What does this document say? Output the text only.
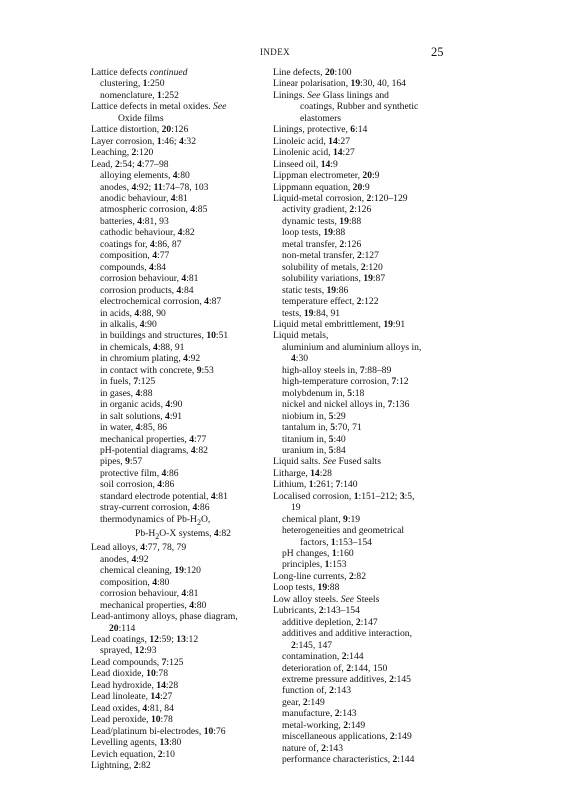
INDEX	25
Lattice defects continued
clustering, 1:250
nomenclature, 1:252
Lattice defects in metal oxides. See
Oxide films
Lattice distortion, 20:126
Layer corrosion, 1:46; 4:32
Leaching, 2:120
Lead, 2:54; 4:77–98
alloying elements, 4:80
anodes, 4:92; 11:74–78, 103
anodic behaviour, 4:81
atmospheric corrosion, 4:85
batteries, 4:81, 93
cathodic behaviour, 4:82
coatings for, 4:86, 87
composition, 4:77
compounds, 4:84
corrosion behaviour, 4:81
corrosion products, 4:84
electrochemical corrosion, 4:87
in acids, 4:88, 90
in alkalis, 4:90
in buildings and structures, 10:51
in chemicals, 4:88, 91
in chromium plating, 4:92
in contact with concrete, 9:53
in fuels, 7:125
in gases, 4:88
in organic acids, 4:90
in salt solutions, 4:91
in water, 4:85, 86
mechanical properties, 4:77
pH-potential diagrams, 4:82
pipes, 9:57
protective film, 4:86
soil corrosion, 4:86
standard electrode potential, 4:81
stray-current corrosion, 4:86
thermodynamics of $Pb-H_2O$,
$Pb-H_2O-X$ systems, 4:82
Lead alloys, 4:77, 78, 79
anodes, 4:92
chemical cleaning, 19:120
composition, 4:80
corrosion behaviour, 4:81
mechanical properties, 4:80
Lead-antimony alloys, phase diagram,
20:114
Lead coatings, 12:59; 13:12
sprayed, 12:93
Lead compounds, 7:125
Lead dioxide, 10:78
Lead hydroxide, 14:28
Lead linoleate, 14:27
Lead oxides, 4:81, 84
Lead peroxide, 10:78
Lead/platinum bi-electrodes, 10:76
Levelling agents, 13:80
Levich equation, 2:10
Lightning, 2:82
Line defects, 20:100
Linear polarisation, 19:30, 40, 164
Linings. See Glass linings and
coatings, Rubber and synthetic
elastomers
Linings, protective, 6:14
Linoleic acid, 14:27
Linolenic acid, 14:27
Linseed oil, 14:9
Lippman electrometer, 20:9
Lippmann equation, 20:9
Liquid-metal corrosion, 2:120–129
activity gradient, 2:126
dynamic tests, 19:88
loop tests, 19:88
metal transfer, 2:126
non-metal transfer, 2:127
solubility of metals, 2:120
solubility variations, 19:87
static tests, 19:86
temperature effect, 2:122
tests, 19:84, 91
Liquid metal embrittlement, 19:91
Liquid metals,
aluminium and aluminium alloys in,
4:30
high-alloy steels in, 7:88–89
high-temperature corrosion, 7:12
molybdenum in, 5:18
nickel and nickel alloys in, 7:136
niobium in, 5:29
tantalum in, 5:70, 71
titanium in, 5:40
uranium in, 5:84
Liquid salts. See Fused salts
Litharge, 14:28
Lithium, 1:261; 7:140
Localised corrosion, 1:151–212; 3:5,
19
chemical plant, 9:19
heterogeneities and geometrical
factors, 1:153–154
pH changes, 1:160
principles, 1:153
Long-line currents, 2:82
Loop tests, 19:88
Low alloy steels. See Steels
Lubricants, 2:143–154
additive depletion, 2:147
additives and additive interaction,
2:145, 147
contamination, 2:144
deterioration of, 2:144, 150
extreme pressure additives, 2:145
function of, 2:143
gear, 2:149
manufacture, 2:143
metal-working, 2:149
miscellaneous applications, 2:149
nature of, 2:143
performance characteristics, 2:144
